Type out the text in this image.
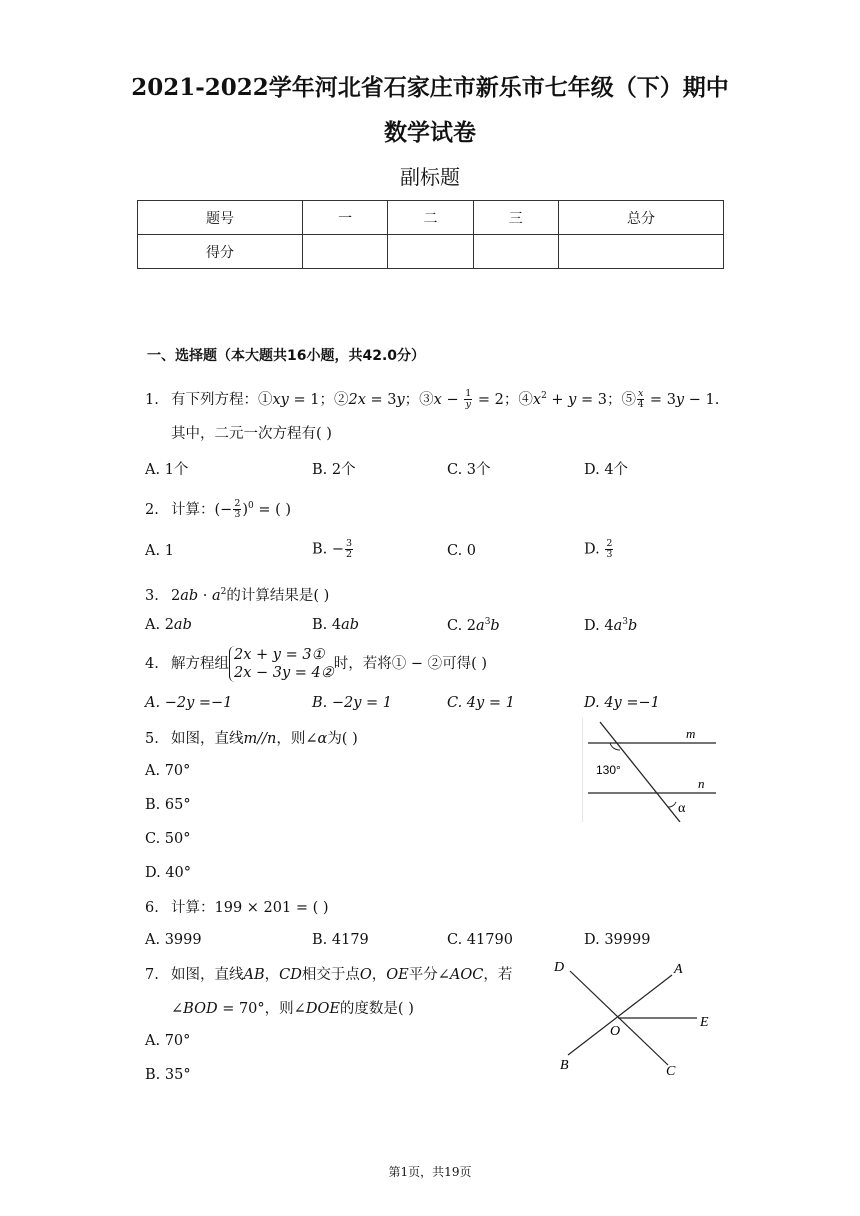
2021-2022学年河北省石家庄市新乐市七年级（下）期中
数学试卷
副标题
题号	一	二	三	总分
得分				
一、选择题（本大题共16小题，共42.0分）
1. 有下列方程：①xy = 1；②2x = 3y；③x − $\frac{1}{y} = 2$；$④x^2 + y = 3$；⑤ $\frac{x}{4} = 3y - 1$.
其中，二元一次方程有( )
A. 1个	B. 2个	C. 3个	D. 4个
2. 计算：(− $\frac{2}{3} )^0$ = ( )
A. 1	B. − $\frac{3}{2}$	C. 0	D. $\frac{2}{3}$
3. $2ab \cdot a^2$的计算结果是( )
A. 2ab	B. 4ab	C. $2a^3b$	D. $4a^3b$
4. 解方程组
2x + y = 3①
2x − 3y = 4②
时，若将① − ②可得( )
A. −2y =−1	B. −2y = 1	C. 4y = 1	D. 4y =−1
5. 如图，直线m//n，则∠α为( )
A. 70°
B. 65°
C. 50°
D. 40°
m
n
130°
α
6. 计算：199 × 201 = ( )
A. 3999	B. 4179	C. 41790	D. 39999
7. 如图，直线AB，CD相交于点O，OE平分∠AOC，若
∠BOD = 70°，则∠DOE的度数是( )
A. 70°
B. 35°
D	A
O
E
B	C
第1页，共19页
